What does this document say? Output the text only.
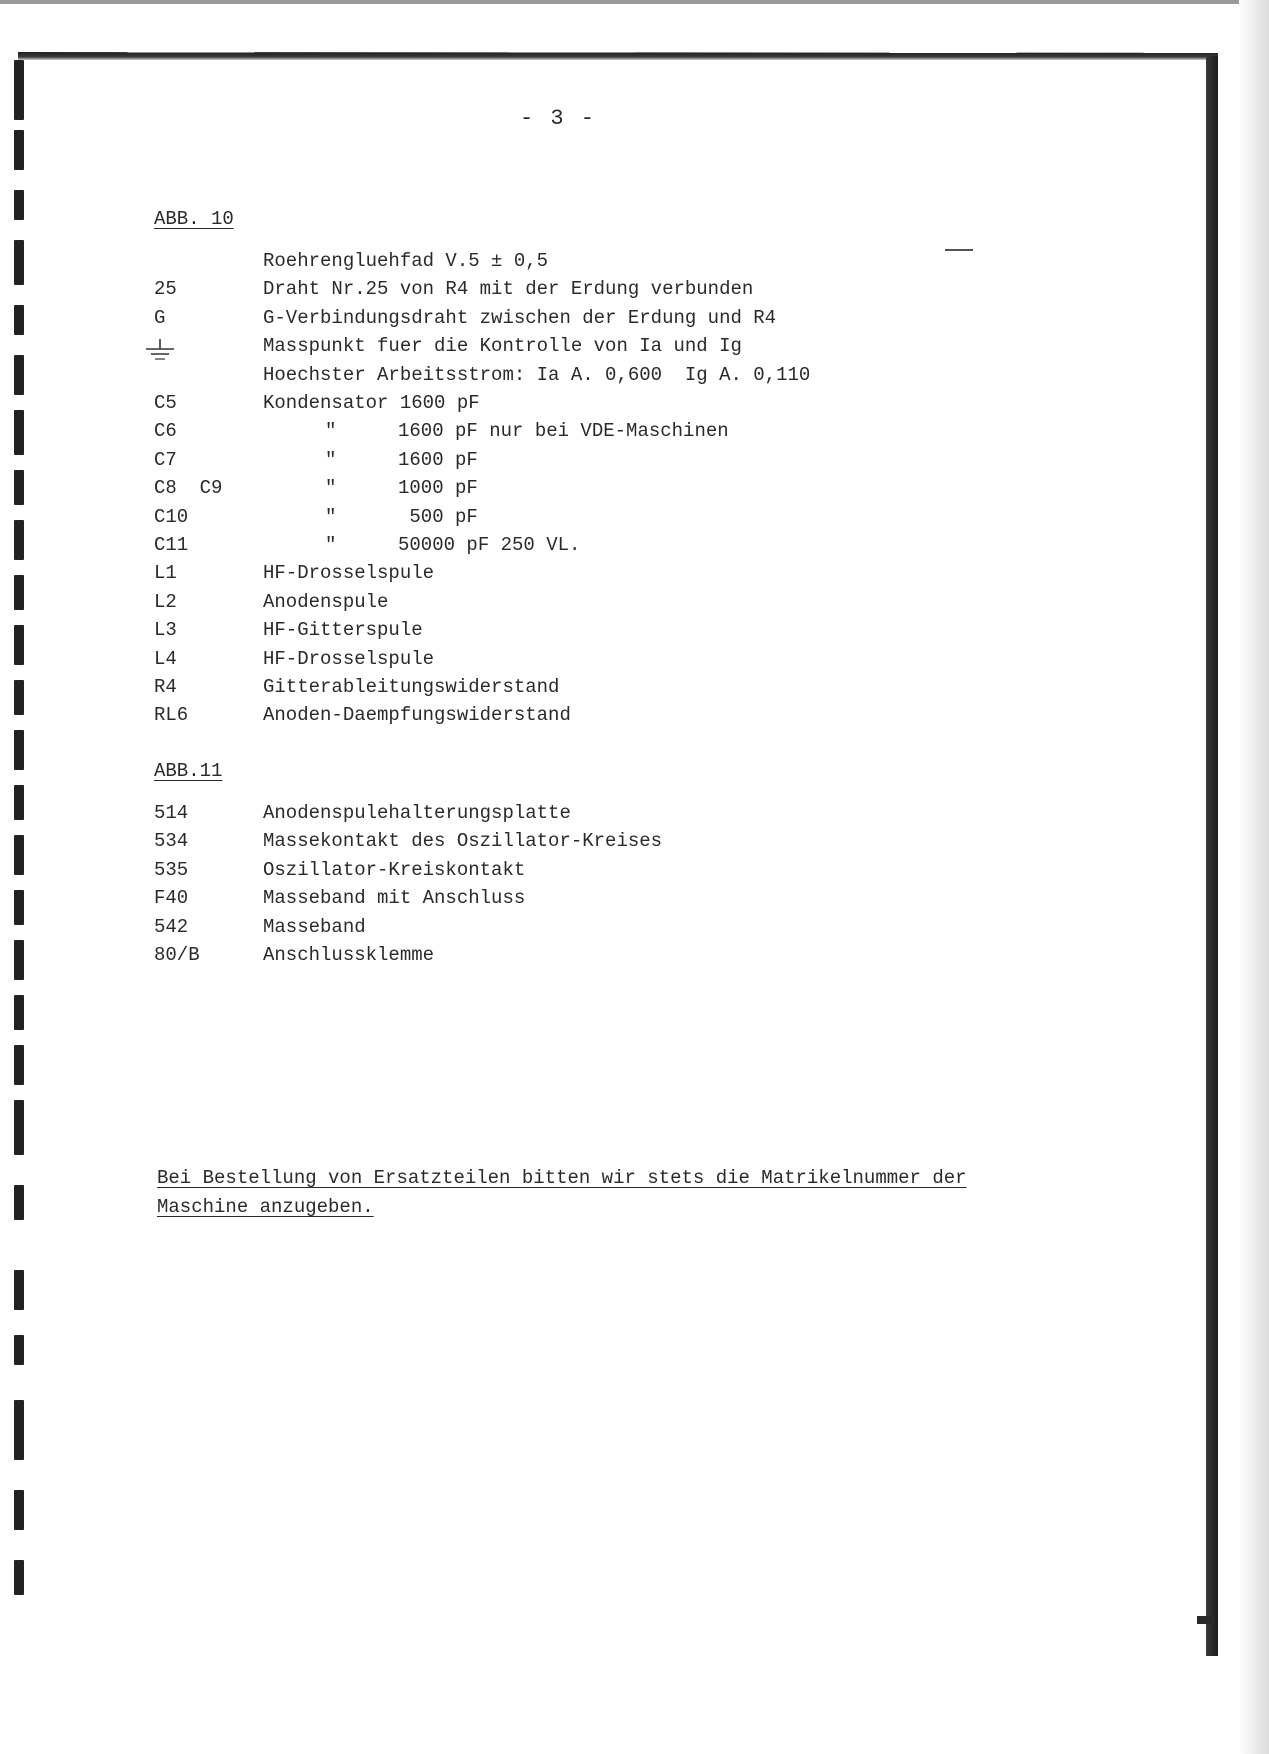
- 3 -
ABB. 10
Roehrengluehfad V.5 ± 0,5
25	Draht Nr.25 von R4 mit der Erdung verbunden
G	G-Verbindungsdraht zwischen der Erdung und R4
Masspunkt fuer die Kontrolle von Ia und Ig
Hoechster Arbeitsstrom: Ia A. 0,600  Ig A. 0,110
C5	Kondensator 1600 pF
C6	"	1600 pF nur bei VDE-Maschinen
C7	"	1600 pF
C8  C9	"	1000 pF
C10	"	500 pF
C11	"	50000 pF 250 VL.
L1	HF-Drosselspule
L2	Anodenspule
L3	HF-Gitterspule
L4	HF-Drosselspule
R4	Gitterableitungswiderstand
RL6	Anoden-Daempfungswiderstand
ABB.11
514	Anodenspulehalterungsplatte
534	Massekontakt des Oszillator-Kreises
535	Oszillator-Kreiskontakt
F40	Masseband mit Anschluss
542	Masseband
80/B	Anschlussklemme
Bei Bestellung von Ersatzteilen bitten wir stets die Matrikelnummer der Maschine anzugeben.
